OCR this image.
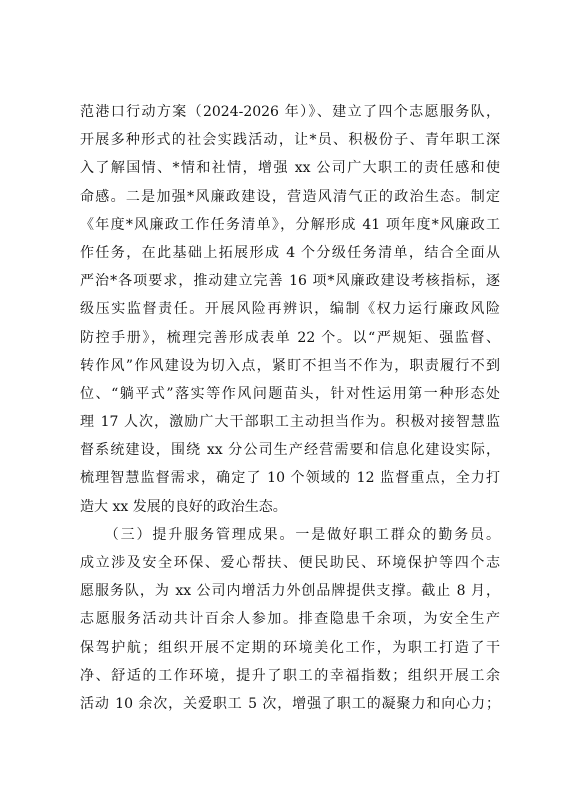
范港口行动方案（2024-2026 年）》、建立了四个志愿服务队，
开展多种形式的社会实践活动，让*员、积极份子、青年职工深
入了解国情、*情和社情，增强 xx 公司广大职工的责任感和使
命感。二是加强*风廉政建设，营造风清气正的政治生态。制定
《年度*风廉政工作任务清单》，分解形成 41 项年度*风廉政工
作任务，在此基础上拓展形成 4 个分级任务清单，结合全面从
严治*各项要求，推动建立完善 16 项*风廉政建设考核指标，逐
级压实监督责任。开展风险再辨识，编制《权力运行廉政风险
防控手册》，梳理完善形成表单 22 个。以“严规矩、强监督、
转作风”作风建设为切入点，紧盯不担当不作为，职责履行不到
位、“躺平式”落实等作风问题苗头，针对性运用第一种形态处
理 17 人次，激励广大干部职工主动担当作为。积极对接智慧监
督系统建设，围绕 xx 分公司生产经营需要和信息化建设实际，
梳理智慧监督需求，确定了 10 个领域的 12 监督重点，全力打
造大 xx 发展的良好的政治生态。
　　（三）提升服务管理成果。一是做好职工群众的勤务员。
成立涉及安全环保、爱心帮扶、便民助民、环境保护等四个志
愿服务队，为 xx 公司内增活力外创品牌提供支撑。截止 8 月，
志愿服务活动共计百余人参加。排查隐患千余项，为安全生产
保驾护航；组织开展不定期的环境美化工作，为职工打造了干
净、舒适的工作环境，提升了职工的幸福指数；组织开展工余
活动 10 余次，关爱职工 5 次，增强了职工的凝聚力和向心力；
